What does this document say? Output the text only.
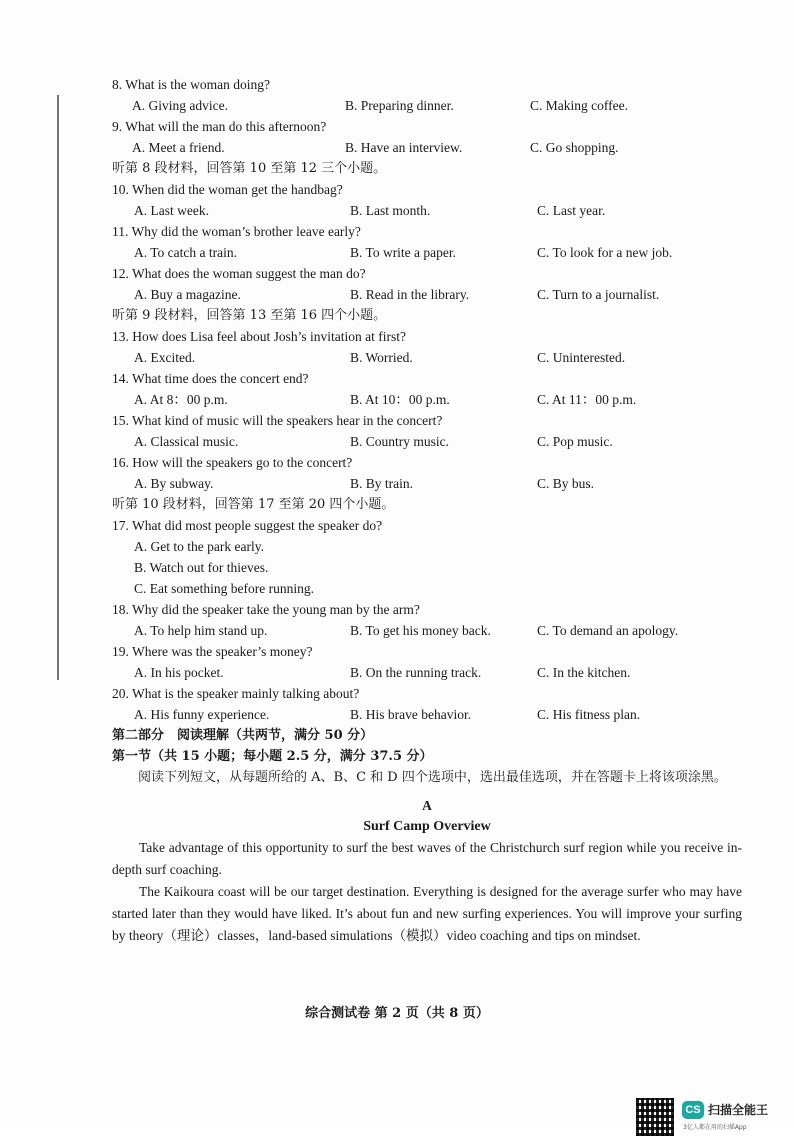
8. What is the woman doing?

A. Giving advice.	B. Preparing dinner.	C. Making coffee.

9. What will the man do this afternoon?

A. Meet a friend.	B. Have an interview.	C. Go shopping.

听第 8 段材料，回答第 10 至第 12 三个小题。

10. When did the woman get the handbag?

A. Last week.	B. Last month.	C. Last year.

11. Why did the woman’s brother leave early?

A. To catch a train.	B. To write a paper.	C. To look for a new job.

12. What does the woman suggest the man do?

A. Buy a magazine.	B. Read in the library.	C. Turn to a journalist.

听第 9 段材料，回答第 13 至第 16 四个小题。

13. How does Lisa feel about Josh’s invitation at first?

A. Excited.	B. Worried.	C. Uninterested.

14. What time does the concert end?

A. At 8：00 p.m.	B. At 10：00 p.m.	C. At 11：00 p.m.

15. What kind of music will the speakers hear in the concert?

A. Classical music.	B. Country music.	C. Pop music.

16. How will the speakers go to the concert?

A. By subway.	B. By train.	C. By bus.

听第 10 段材料，回答第 17 至第 20 四个小题。

17. What did most people suggest the speaker do?

A. Get to the park early.

B. Watch out for thieves.

C. Eat something before running.

18. Why did the speaker take the young man by the arm?

A. To help him stand up.	B. To get his money back.	C. To demand an apology.

19. Where was the speaker’s money?

A. In his pocket.	B. On the running track.	C. In the kitchen.

20. What is the speaker mainly talking about?

A. His funny experience.	B. His brave behavior.	C. His fitness plan.

第二部分　阅读理解（共两节，满分 50 分）

第一节（共 15 小题；每小题 2.5 分，满分 37.5 分）

阅读下列短文，从每题所给的 A、B、C 和 D 四个选项中，选出最佳选项，并在答题卡上将该项涂黑。

A

Surf Camp Overview

Take advantage of this opportunity to surf the best waves of the Christchurch surf region while you receive in-depth surf coaching.

The Kaikoura coast will be our target destination. Everything is designed for the average surfer who may have started later than they would have liked. It’s about fun and new surfing experiences. You will improve your surfing by theory（理论）classes，land-based simulations（模拟）video coaching and tips on mindset.

综合测试卷 第 2 页（共 8 页）
CS 扫描全能王
3亿人都在用的扫描App
